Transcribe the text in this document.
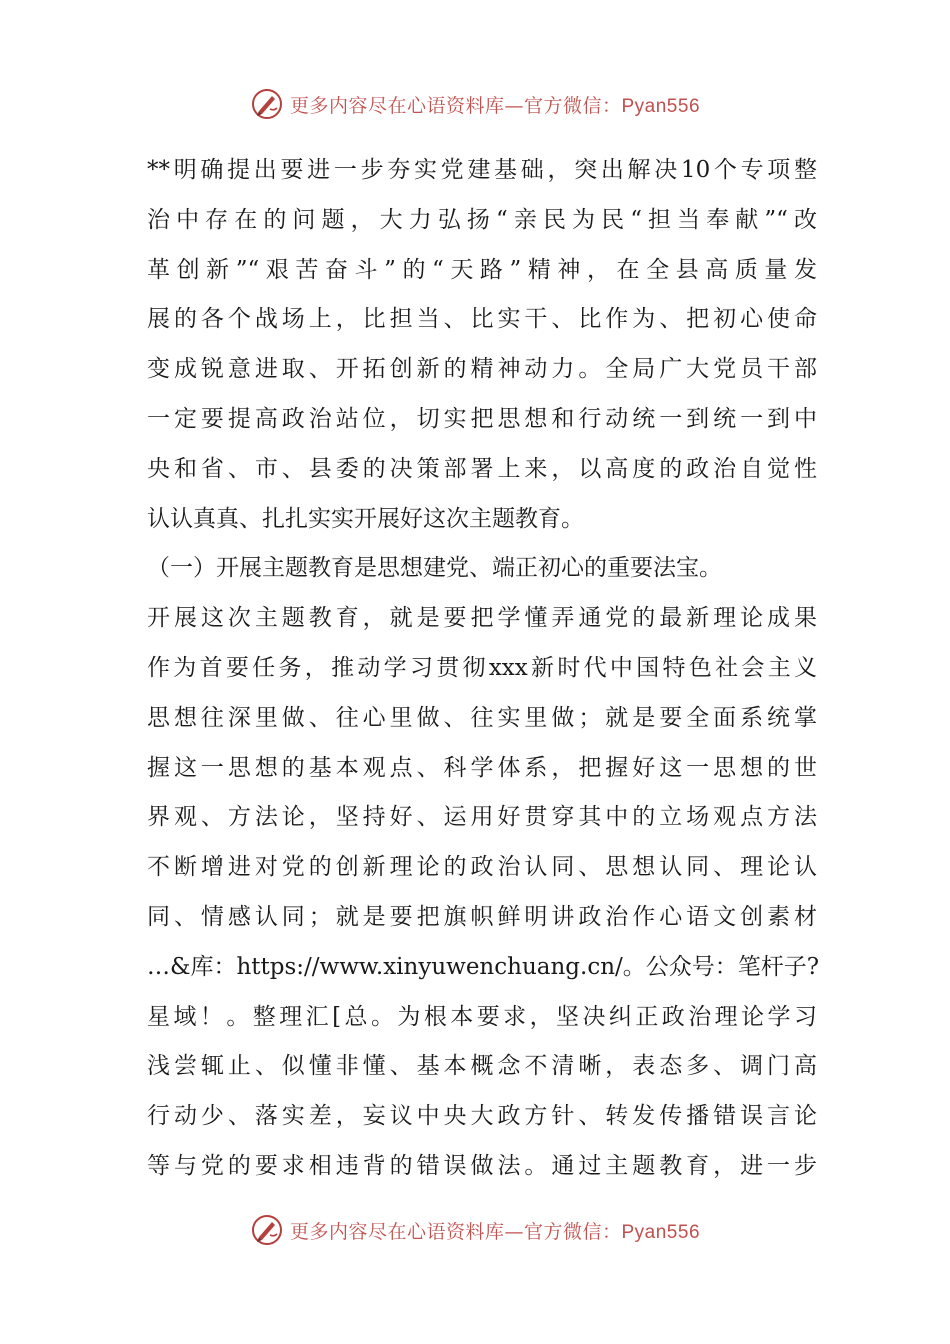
更多内容尽在心语资料库—官方微信：Pyan556
**明确提出要进一步夯实党建基础，突出解决10个专项整
治中存在的问题，大力弘扬“亲民为民“担当奉献”“改
革创新”“艰苦奋斗”的“天路”精神，在全县高质量发
展的各个战场上，比担当、比实干、比作为、把初心使命
变成锐意进取、开拓创新的精神动力。全局广大党员干部
一定要提高政治站位，切实把思想和行动统一到统一到中
央和省、市、县委的决策部署上来，以高度的政治自觉性
认认真真、扎扎实实开展好这次主题教育。
（一）开展主题教育是思想建党、端正初心的重要法宝。
开展这次主题教育，就是要把学懂弄通党的最新理论成果
作为首要任务，推动学习贯彻xxx新时代中国特色社会主义
思想往深里做、往心里做、往实里做；就是要全面系统掌
握这一思想的基本观点、科学体系，把握好这一思想的世
界观、方法论，坚持好、运用好贯穿其中的立场观点方法
不断增进对党的创新理论的政治认同、思想认同、理论认
同、情感认同；就是要把旗帜鲜明讲政治作心语文创素材
…&库：https://www.xinyuwenchuang.cn/。公众号：笔杆子?
星域！。整理汇[总。为根本要求，坚决纠正政治理论学习
浅尝辄止、似懂非懂、基本概念不清晰，表态多、调门高
行动少、落实差，妄议中央大政方针、转发传播错误言论
等与党的要求相违背的错误做法。通过主题教育，进一步
更多内容尽在心语资料库—官方微信：Pyan556
